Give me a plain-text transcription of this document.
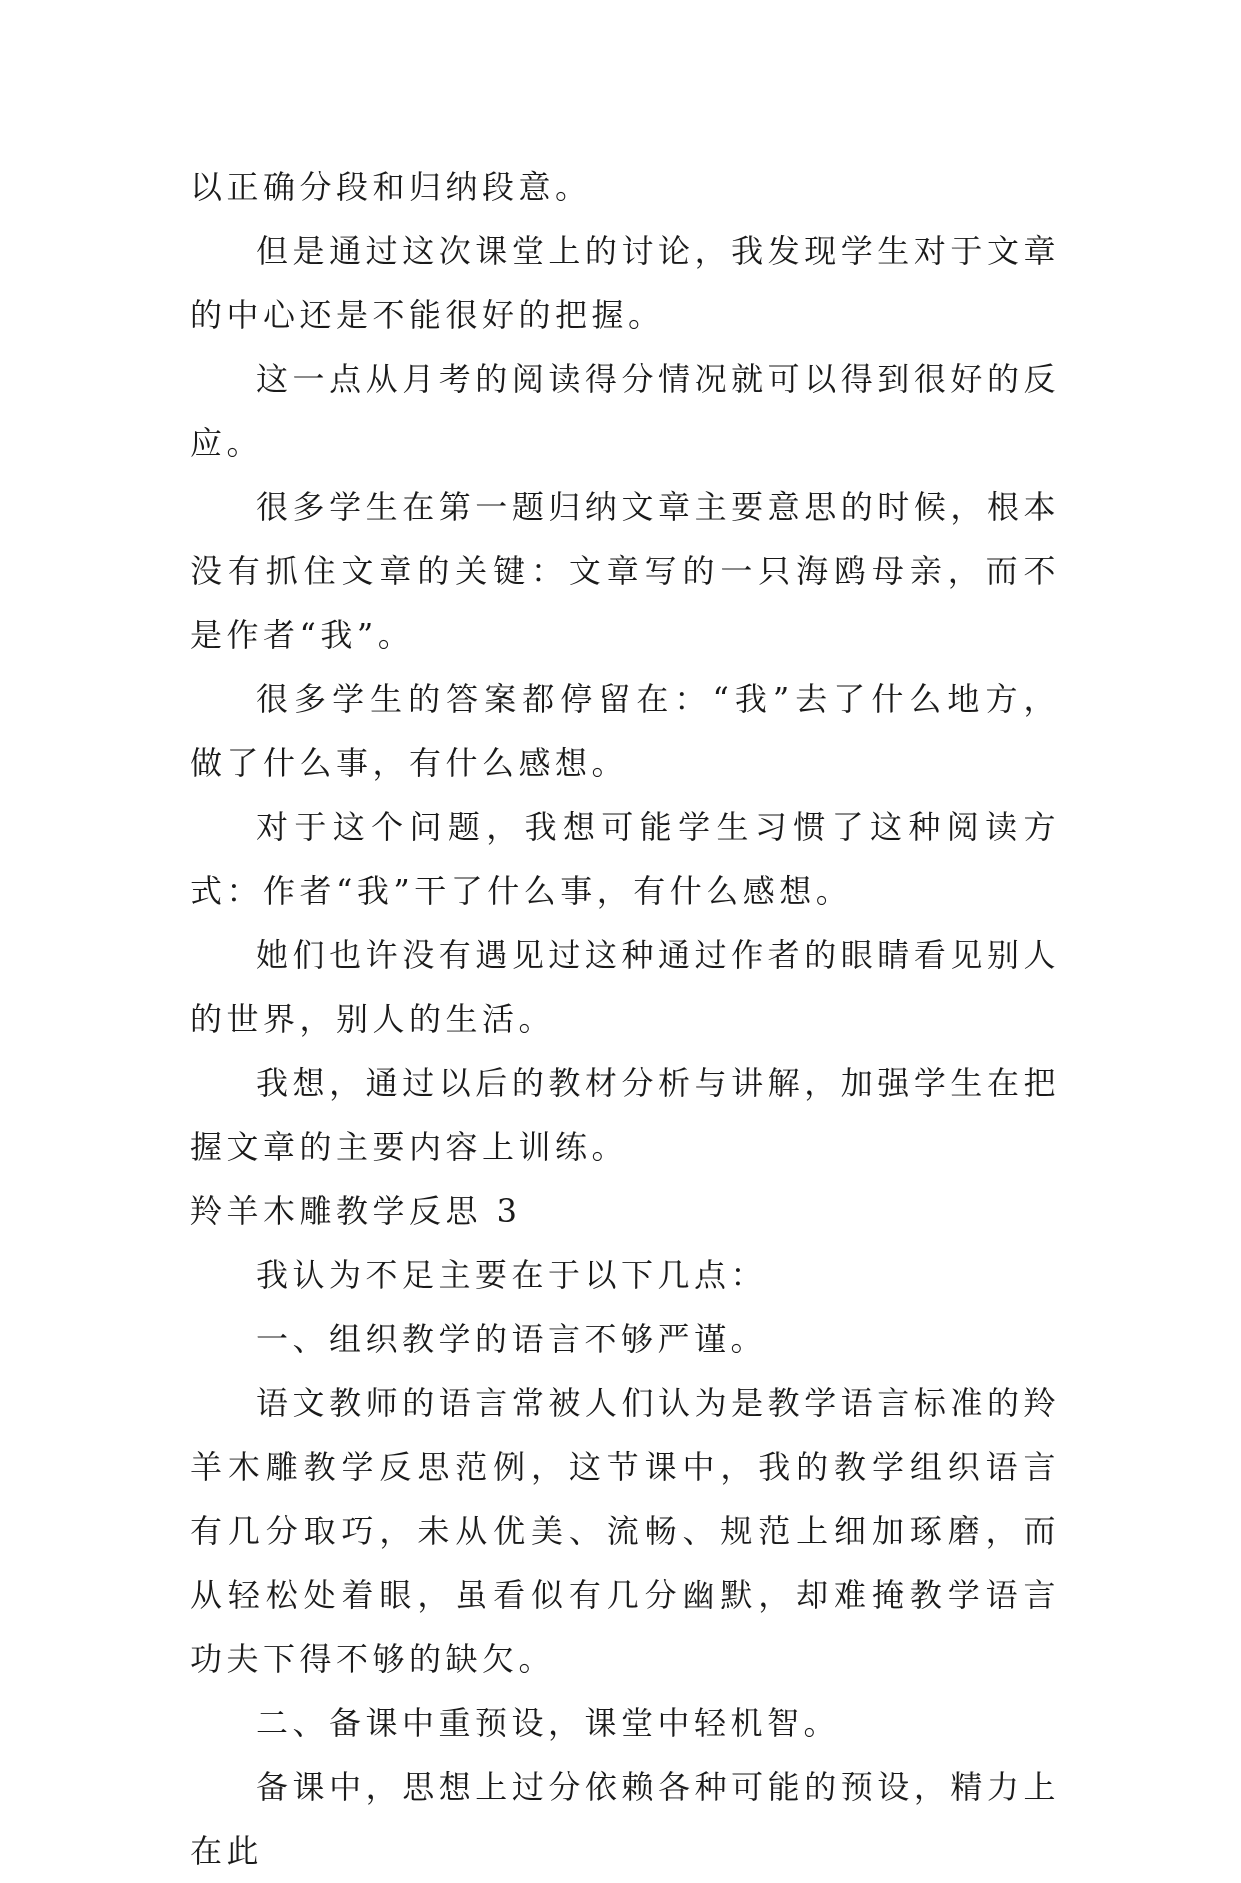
以正确分段和归纳段意。

但是通过这次课堂上的讨论，我发现学生对于文章的中心还是不能很好的把握。

这一点从月考的阅读得分情况就可以得到很好的反应。

很多学生在第一题归纳文章主要意思的时候，根本没有抓住文章的关键：文章写的一只海鸥母亲，而不是作者“我”。

很多学生的答案都停留在：“我”去了什么地方，做了什么事，有什么感想。

对于这个问题，我想可能学生习惯了这种阅读方式：作者“我”干了什么事，有什么感想。

她们也许没有遇见过这种通过作者的眼睛看见别人的世界，别人的生活。

我想，通过以后的教材分析与讲解，加强学生在把握文章的主要内容上训练。

羚羊木雕教学反思 3

我认为不足主要在于以下几点：

一、组织教学的语言不够严谨。

语文教师的语言常被人们认为是教学语言标准的羚羊木雕教学反思范例，这节课中，我的教学组织语言有几分取巧，未从优美、流畅、规范上细加琢磨，而从轻松处着眼，虽看似有几分幽默，却难掩教学语言功夫下得不够的缺欠。

二、备课中重预设，课堂中轻机智。

备课中，思想上过分依赖各种可能的预设，精力上在此
